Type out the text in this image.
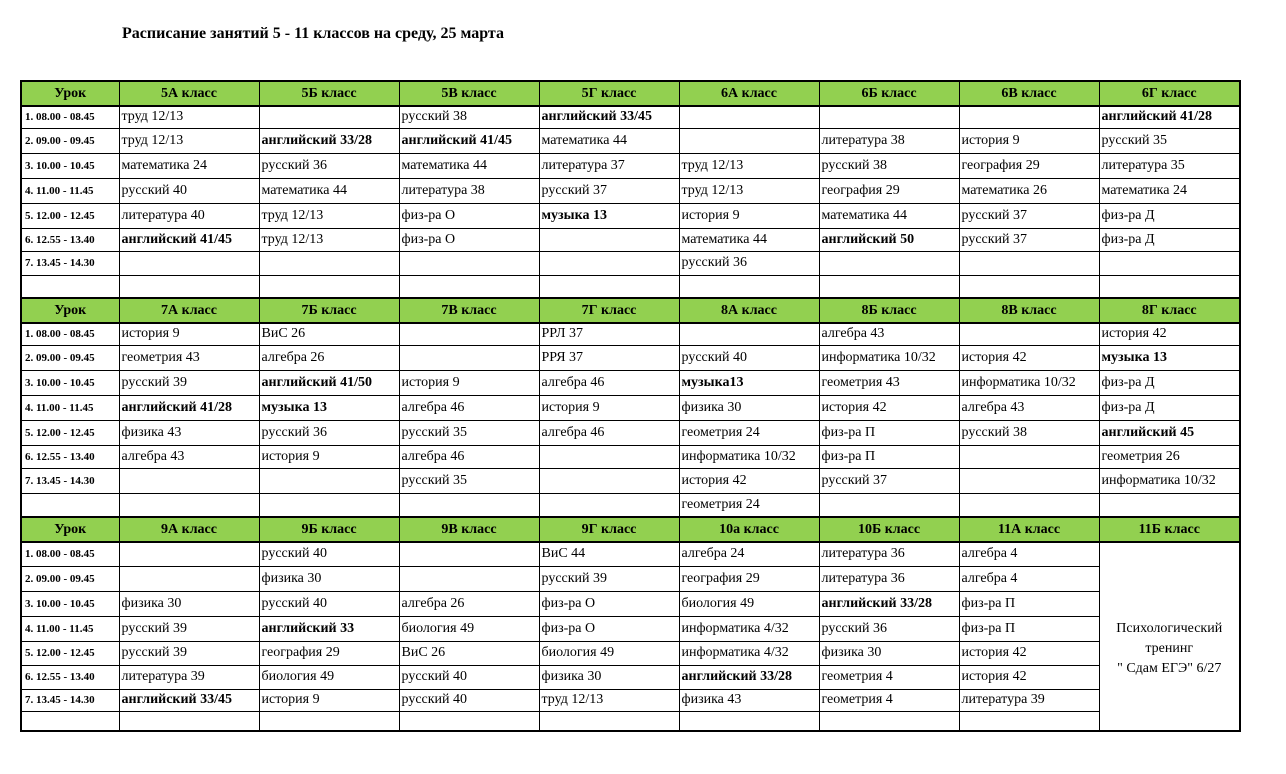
Расписание занятий 5 - 11 классов на среду, 25 марта
Урок	5А класс	5Б класс	5В класс	5Г класс	6А класс	6Б класс	6В класс	6Г класс
1. 08.00 - 08.45	труд 12/13		русский 38	английский 33/45				английский 41/28
2. 09.00 - 09.45	труд 12/13	английский 33/28	английский 41/45	математика 44		литература 38	история 9	русский 35
3. 10.00 - 10.45	математика 24	русский 36	математика 44	литература 37	труд 12/13	русский 38	география 29	литература 35
4. 11.00 - 11.45	русский 40	математика 44	литература 38	русский 37	труд 12/13	география 29	математика 26	математика 24
5. 12.00 - 12.45	литература 40	труд 12/13	физ-ра О	музыка 13	история 9	математика 44	русский 37	физ-ра Д
6. 12.55 - 13.40	английский 41/45	труд 12/13	физ-ра О		математика 44	английский 50	русский 37	физ-ра Д
7. 13.45 - 14.30					русский 36			

Урок	7А класс	7Б класс	7В класс	7Г класс	8А класс	8Б класс	8В класс	8Г класс
1. 08.00 - 08.45	история 9	ВиС 26		РРЛ 37		алгебра 43		история 42
2. 09.00 - 09.45	геометрия 43	алгебра 26		РРЯ 37	русский 40	информатика 10/32	история 42	музыка 13
3. 10.00 - 10.45	русский 39	английский 41/50	история 9	алгебра 46	музыка13	геометрия 43	информатика 10/32	физ-ра Д
4. 11.00 - 11.45	английский 41/28	музыка 13	алгебра 46	история 9	физика 30	история 42	алгебра 43	физ-ра Д
5. 12.00 - 12.45	физика 43	русский 36	русский 35	алгебра 46	геометрия 24	физ-ра П	русский 38	английский 45
6. 12.55 - 13.40	алгебра 43	история 9	алгебра 46		информатика 10/32	физ-ра П		геометрия 26
7. 13.45 - 14.30			русский 35		история 42	русский 37		информатика 10/32
					геометрия 24			
Урок	9А класс	9Б класс	9В класс	9Г класс	10а класс	10Б класс	11А класс	11Б класс
1. 08.00 - 08.45		русский 40		ВиС 44	алгебра 24	литература 36	алгебра 4	Психологический
тренинг
" Сдам ЕГЭ" 6/27

2. 09.00 - 09.45		физика 30		русский 39	география 29	литература 36	алгебра 4	
3. 10.00 - 10.45	физика 30	русский 40	алгебра 26	физ-ра О	биология 49	английский 33/28	физ-ра П	
4. 11.00 - 11.45	русский 39	английский 33	биология 49	физ-ра О	информатика 4/32	русский 36	физ-ра П	
5. 12.00 - 12.45	русский 39	география 29	ВиС 26	биология 49	информатика 4/32	физика 30	история 42	
6. 12.55 - 13.40	литература 39	биология 49	русский 40	физика 30	английский 33/28	геометрия 4	история 42	
7. 13.45 - 14.30	английский 33/45	история 9	русский 40	труд 12/13	физика 43	геометрия 4	литература 39	
